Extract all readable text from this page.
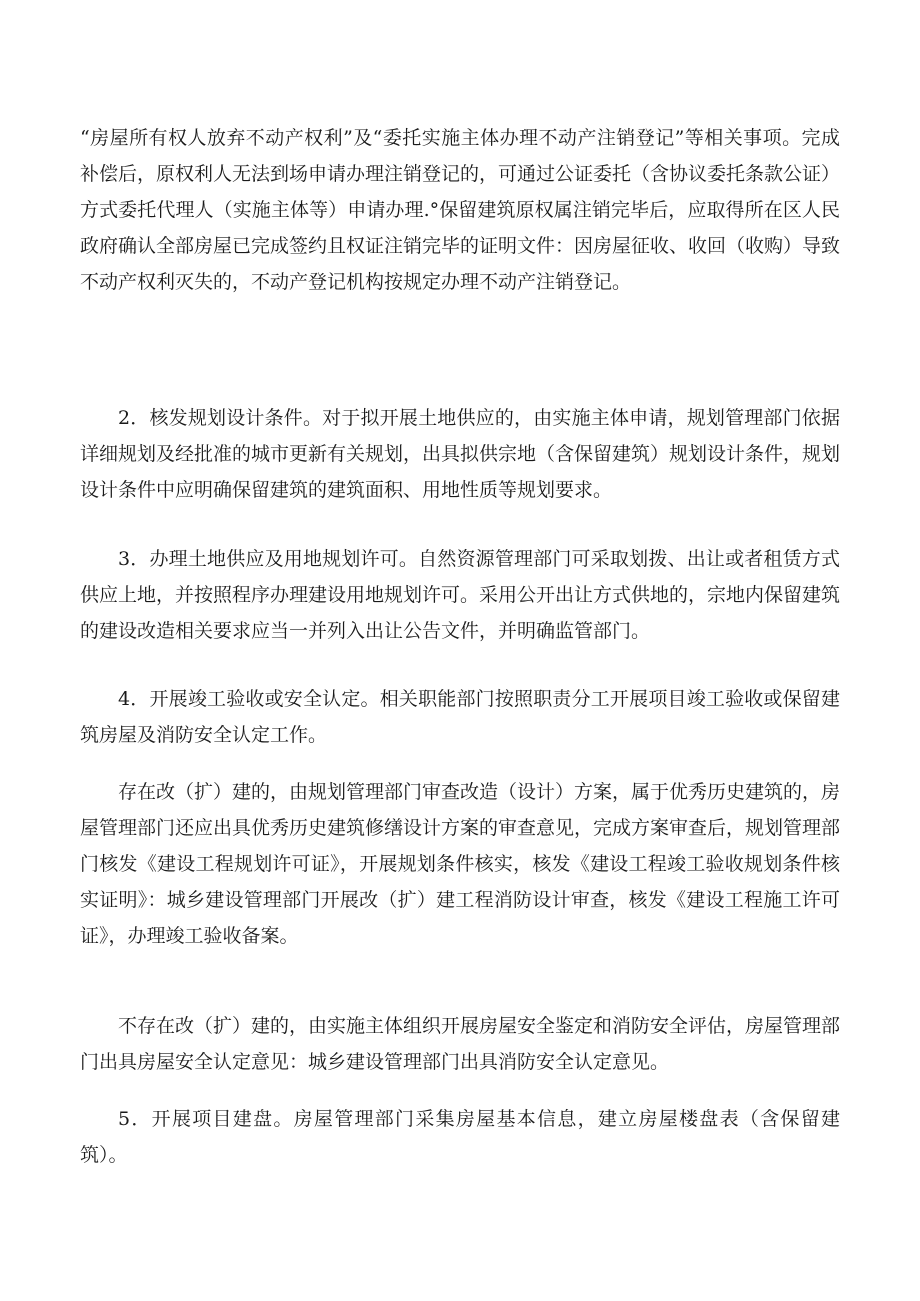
“房屋所有权人放弃不动产权利”及“委托实施主体办理不动产注销登记”等相关事项。完成补偿后，原权利人无法到场申请办理注销登记的，可通过公证委托（含协议委托条款公证）方式委托代理人（实施主体等）申请办理.°保留建筑原权属注销完毕后，应取得所在区人民政府确认全部房屋已完成签约且权证注销完毕的证明文件：因房屋征收、收回（收购）导致不动产权利灭失的，不动产登记机构按规定办理不动产注销登记。

2．核发规划设计条件。对于拟开展土地供应的，由实施主体申请，规划管理部门依据详细规划及经批准的城市更新有关规划，出具拟供宗地（含保留建筑）规划设计条件，规划设计条件中应明确保留建筑的建筑面积、用地性质等规划要求。

3．办理土地供应及用地规划许可。自然资源管理部门可采取划拨、出让或者租赁方式供应上地，并按照程序办理建设用地规划许可。采用公开出让方式供地的，宗地内保留建筑的建设改造相关要求应当一并列入出让公告文件，并明确监管部门。

4．开展竣工验收或安全认定。相关职能部门按照职责分工开展项目竣工验收或保留建筑房屋及消防安全认定工作。

存在改（扩）建的，由规划管理部门审查改造（设计）方案，属于优秀历史建筑的，房屋管理部门还应出具优秀历史建筑修缮设计方案的审查意见，完成方案审查后，规划管理部门核发《建设工程规划许可证》，开展规划条件核实，核发《建设工程竣工验收规划条件核实证明》：城乡建设管理部门开展改（扩）建工程消防设计审查，核发《建设工程施工许可证》，办理竣工验收备案。

不存在改（扩）建的，由实施主体组织开展房屋安全鉴定和消防安全评估，房屋管理部门出具房屋安全认定意见：城乡建设管理部门出具消防安全认定意见。

5．开展项目建盘。房屋管理部门采集房屋基本信息，建立房屋楼盘表（含保留建筑）。
